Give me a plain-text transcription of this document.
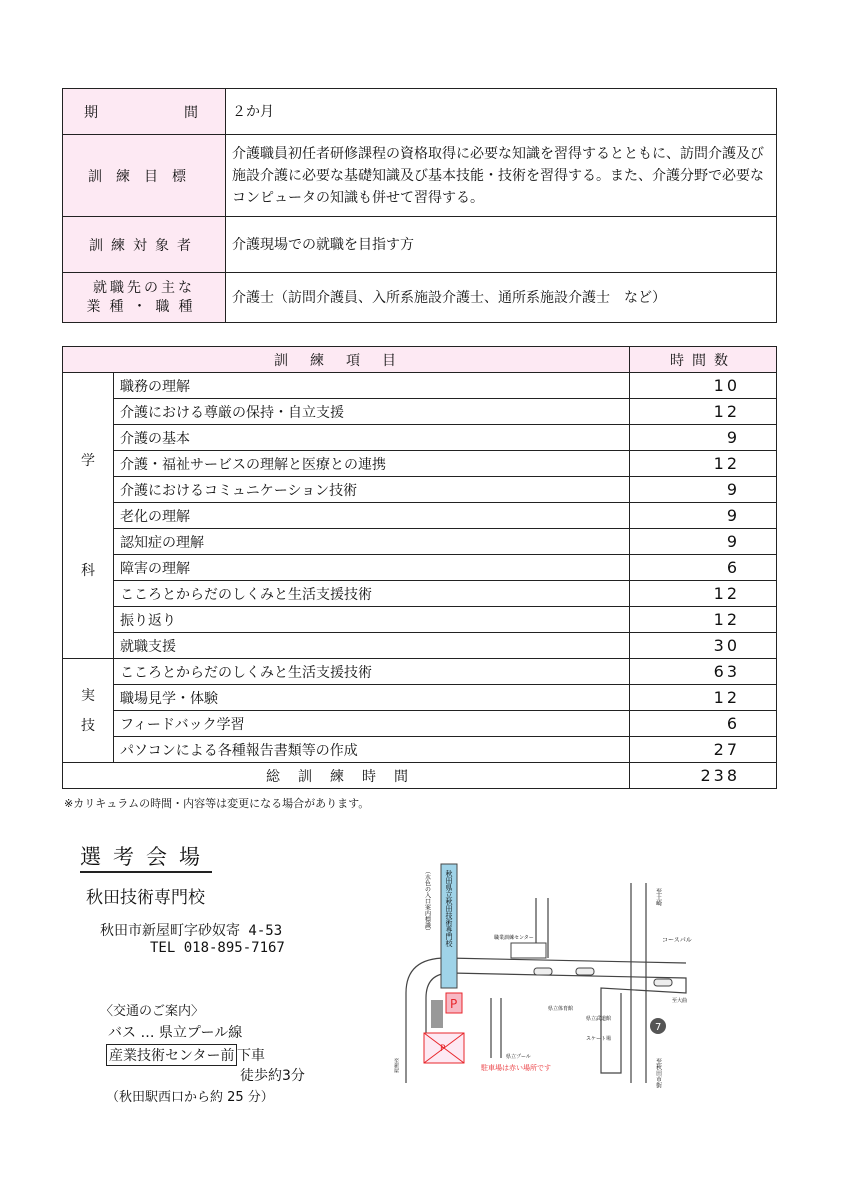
期　　　　間	２か月
訓練目標	介護職員初任者研修課程の資格取得に必要な知識を習得するとともに、訪問介護及び施設介護に必要な基礎知識及び基本技能・技術を習得する。また、介護分野で必要なコンピュータの知識も併せて習得する。
訓練対象者	介護現場での就職を目指す方

就職先の主な
業種・職種	介護士（訪問介護員、入所系施設介護士、通所系施設介護士　など）
訓練項目		時間数

学
科	職務の理解	10
	介護における尊厳の保持・自立支援	12
	介護の基本	9
	介護・福祉サービスの理解と医療との連携	12
	介護におけるコミュニケーション技術	9
	老化の理解	9
	認知症の理解	9
	障害の理解	6
	こころとからだのしくみと生活支援技術	12
	振り返り	12
	就職支援	30

実
技	こころとからだのしくみと生活支援技術	63
	職場見学・体験	12
	フィードバック学習	6
	パソコンによる各種報告書類等の作成	27
総訓練時間		238
※カリキュラムの時間・内容等は変更になる場合があります。
選考会場
秋田技術専門校
秋田市新屋町字砂奴寄 4-53
TEL 018-895-7167
〈交通のご案内〉
バス … 県立プール線
産業技術センター前 下車
徒歩約3分
（秋田駅西口から約 25 分）
秋田県立秋田技術専門校
（水色の入口案内標識）
P
P
駐車場は赤い場所です
職業訓練センター
至土崎
コースパル
至大曲
7
県立プール
県立体育館
県立武道館
スケート場
至新屋	至秋田市街
